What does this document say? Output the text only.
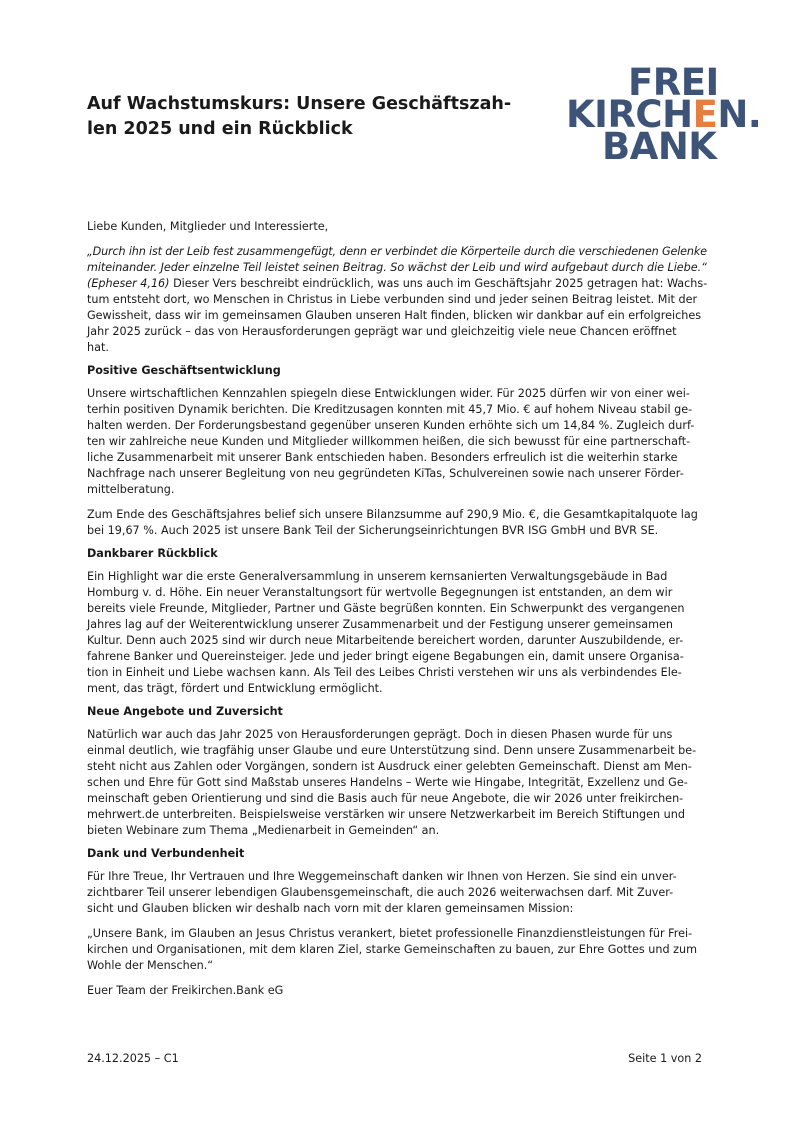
Auf Wachstumskurs: Unsere Geschäftszah-
len 2025 und ein Rückblick
FREI
KIRCHEN.
BANK

Liebe Kunden, Mitglieder und Interessierte,

„Durch ihn ist der Leib fest zusammengefügt, denn er verbindet die Körperteile durch die verschiedenen Gelenke
miteinander. Jeder einzelne Teil leistet seinen Beitrag. So wächst der Leib und wird aufgebaut durch die Liebe.“
(Epheser 4,16) Dieser Vers beschreibt eindrücklich, was uns auch im Geschäftsjahr 2025 getragen hat: Wachs-
tum entsteht dort, wo Menschen in Christus in Liebe verbunden sind und jeder seinen Beitrag leistet. Mit der
Gewissheit, dass wir im gemeinsamen Glauben unseren Halt finden, blicken wir dankbar auf ein erfolgreiches
Jahr 2025 zurück – das von Herausforderungen geprägt war und gleichzeitig viele neue Chancen eröffnet
hat.

Positive Geschäftsentwicklung

Unsere wirtschaftlichen Kennzahlen spiegeln diese Entwicklungen wider. Für 2025 dürfen wir von einer wei-
terhin positiven Dynamik berichten. Die Kreditzusagen konnten mit 45,7 Mio. € auf hohem Niveau stabil ge-
halten werden. Der Forderungsbestand gegenüber unseren Kunden erhöhte sich um 14,84 %. Zugleich durf-
ten wir zahlreiche neue Kunden und Mitglieder willkommen heißen, die sich bewusst für eine partnerschaft-
liche Zusammenarbeit mit unserer Bank entschieden haben. Besonders erfreulich ist die weiterhin starke
Nachfrage nach unserer Begleitung von neu gegründeten KiTas, Schulvereinen sowie nach unserer Förder-
mittelberatung.

Zum Ende des Geschäftsjahres belief sich unsere Bilanzsumme auf 290,9 Mio. €, die Gesamtkapitalquote lag
bei 19,67 %. Auch 2025 ist unsere Bank Teil der Sicherungseinrichtungen BVR ISG GmbH und BVR SE.

Dankbarer Rückblick

Ein Highlight war die erste Generalversammlung in unserem kernsanierten Verwaltungsgebäude in Bad
Homburg v. d. Höhe. Ein neuer Veranstaltungsort für wertvolle Begegnungen ist entstanden, an dem wir
bereits viele Freunde, Mitglieder, Partner und Gäste begrüßen konnten. Ein Schwerpunkt des vergangenen
Jahres lag auf der Weiterentwicklung unserer Zusammenarbeit und der Festigung unserer gemeinsamen
Kultur. Denn auch 2025 sind wir durch neue Mitarbeitende bereichert worden, darunter Auszubildende, er-
fahrene Banker und Quereinsteiger. Jede und jeder bringt eigene Begabungen ein, damit unsere Organisa-
tion in Einheit und Liebe wachsen kann. Als Teil des Leibes Christi verstehen wir uns als verbindendes Ele-
ment, das trägt, fördert und Entwicklung ermöglicht.

Neue Angebote und Zuversicht

Natürlich war auch das Jahr 2025 von Herausforderungen geprägt. Doch in diesen Phasen wurde für uns
einmal deutlich, wie tragfähig unser Glaube und eure Unterstützung sind. Denn unsere Zusammenarbeit be-
steht nicht aus Zahlen oder Vorgängen, sondern ist Ausdruck einer gelebten Gemeinschaft. Dienst am Men-
schen und Ehre für Gott sind Maßstab unseres Handelns – Werte wie Hingabe, Integrität, Exzellenz und Ge-
meinschaft geben Orientierung und sind die Basis auch für neue Angebote, die wir 2026 unter freikirchen-
mehrwert.de unterbreiten. Beispielsweise verstärken wir unsere Netzwerkarbeit im Bereich Stiftungen und
bieten Webinare zum Thema „Medienarbeit in Gemeinden“ an.

Dank und Verbundenheit

Für Ihre Treue, Ihr Vertrauen und Ihre Weggemeinschaft danken wir Ihnen von Herzen. Sie sind ein unver-
zichtbarer Teil unserer lebendigen Glaubensgemeinschaft, die auch 2026 weiterwachsen darf. Mit Zuver-
sicht und Glauben blicken wir deshalb nach vorn mit der klaren gemeinsamen Mission:

„Unsere Bank, im Glauben an Jesus Christus verankert, bietet professionelle Finanzdienstleistungen für Frei-
kirchen und Organisationen, mit dem klaren Ziel, starke Gemeinschaften zu bauen, zur Ehre Gottes und zum
Wohle der Menschen.“

Euer Team der Freikirchen.Bank eG

24.12.2025 – C1	Seite 1 von 2
